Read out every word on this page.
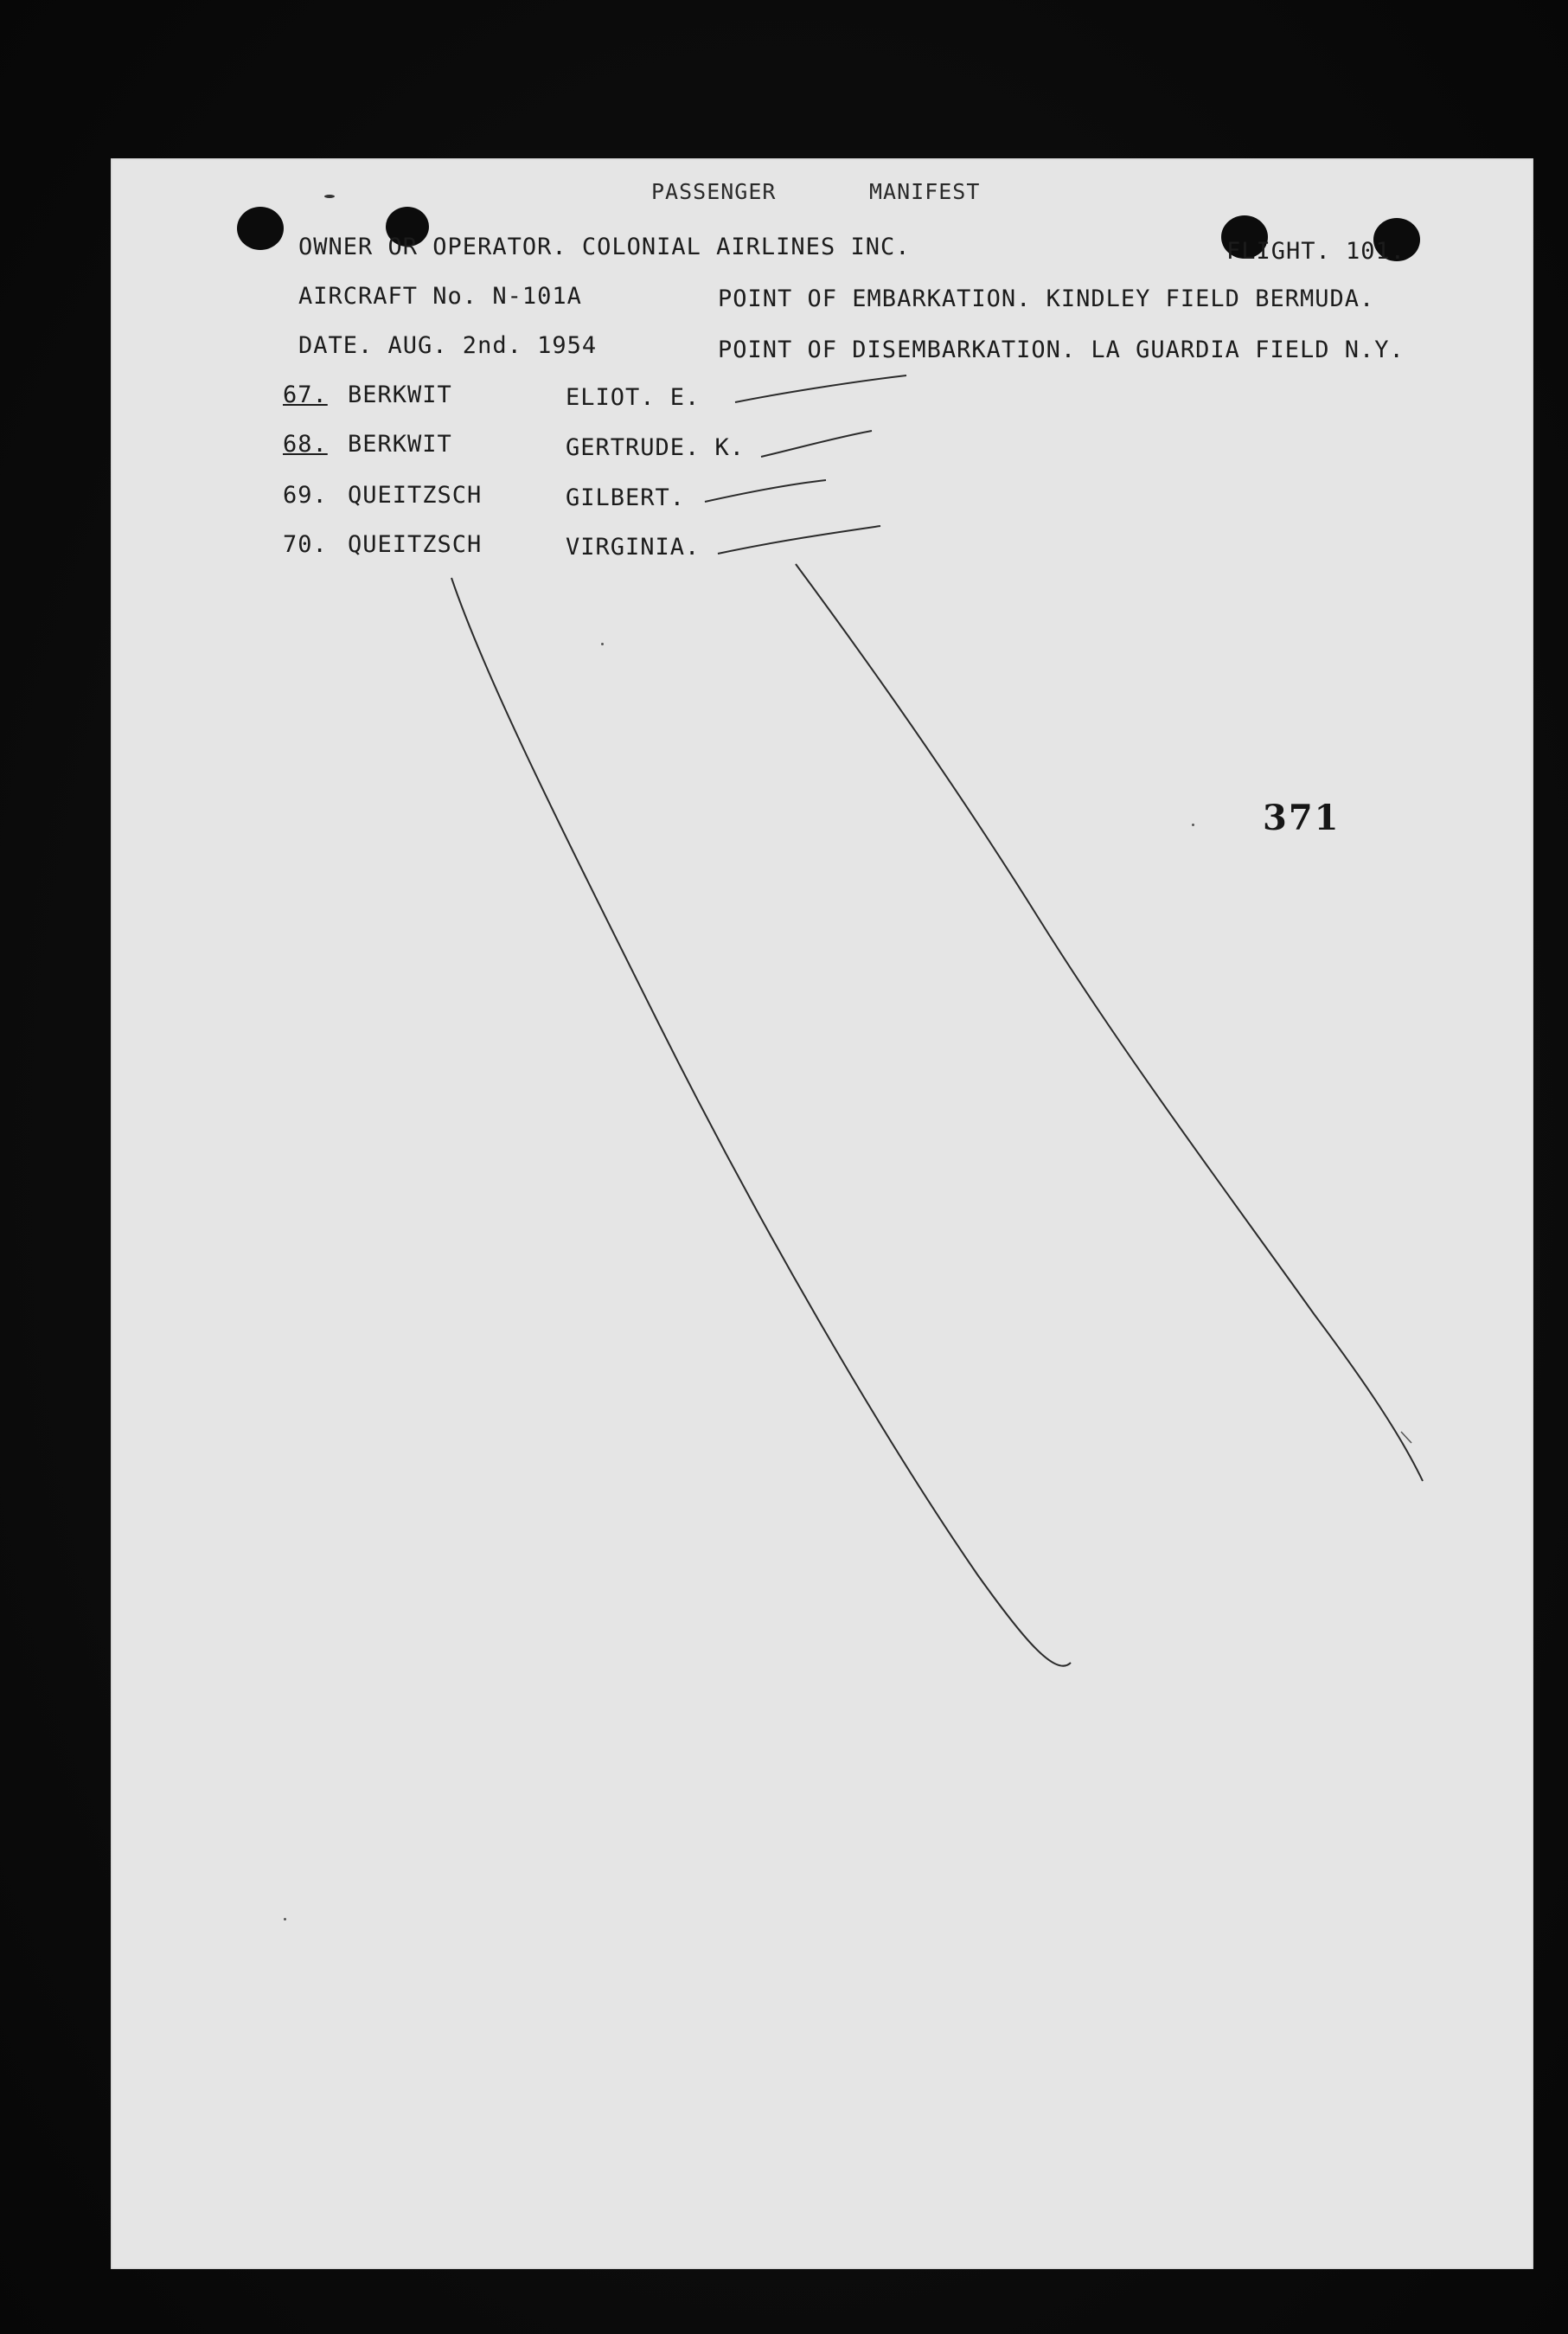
PASSENGER	MANIFEST
OWNER OR OPERATOR. COLONIAL AIRLINES INC.	FLIGHT. 101.
AIRCRAFT No. N-101A	POINT OF EMBARKATION. KINDLEY FIELD BERMUDA.
DATE. AUG. 2nd. 1954	POINT OF DISEMBARKATION. LA GUARDIA FIELD N.Y.
67. BERKWIT	ELIOT. E.
68. BERKWIT	GERTRUDE. K.
69. QUEITZSCH	GILBERT.
70. QUEITZSCH	VIRGINIA.
371
